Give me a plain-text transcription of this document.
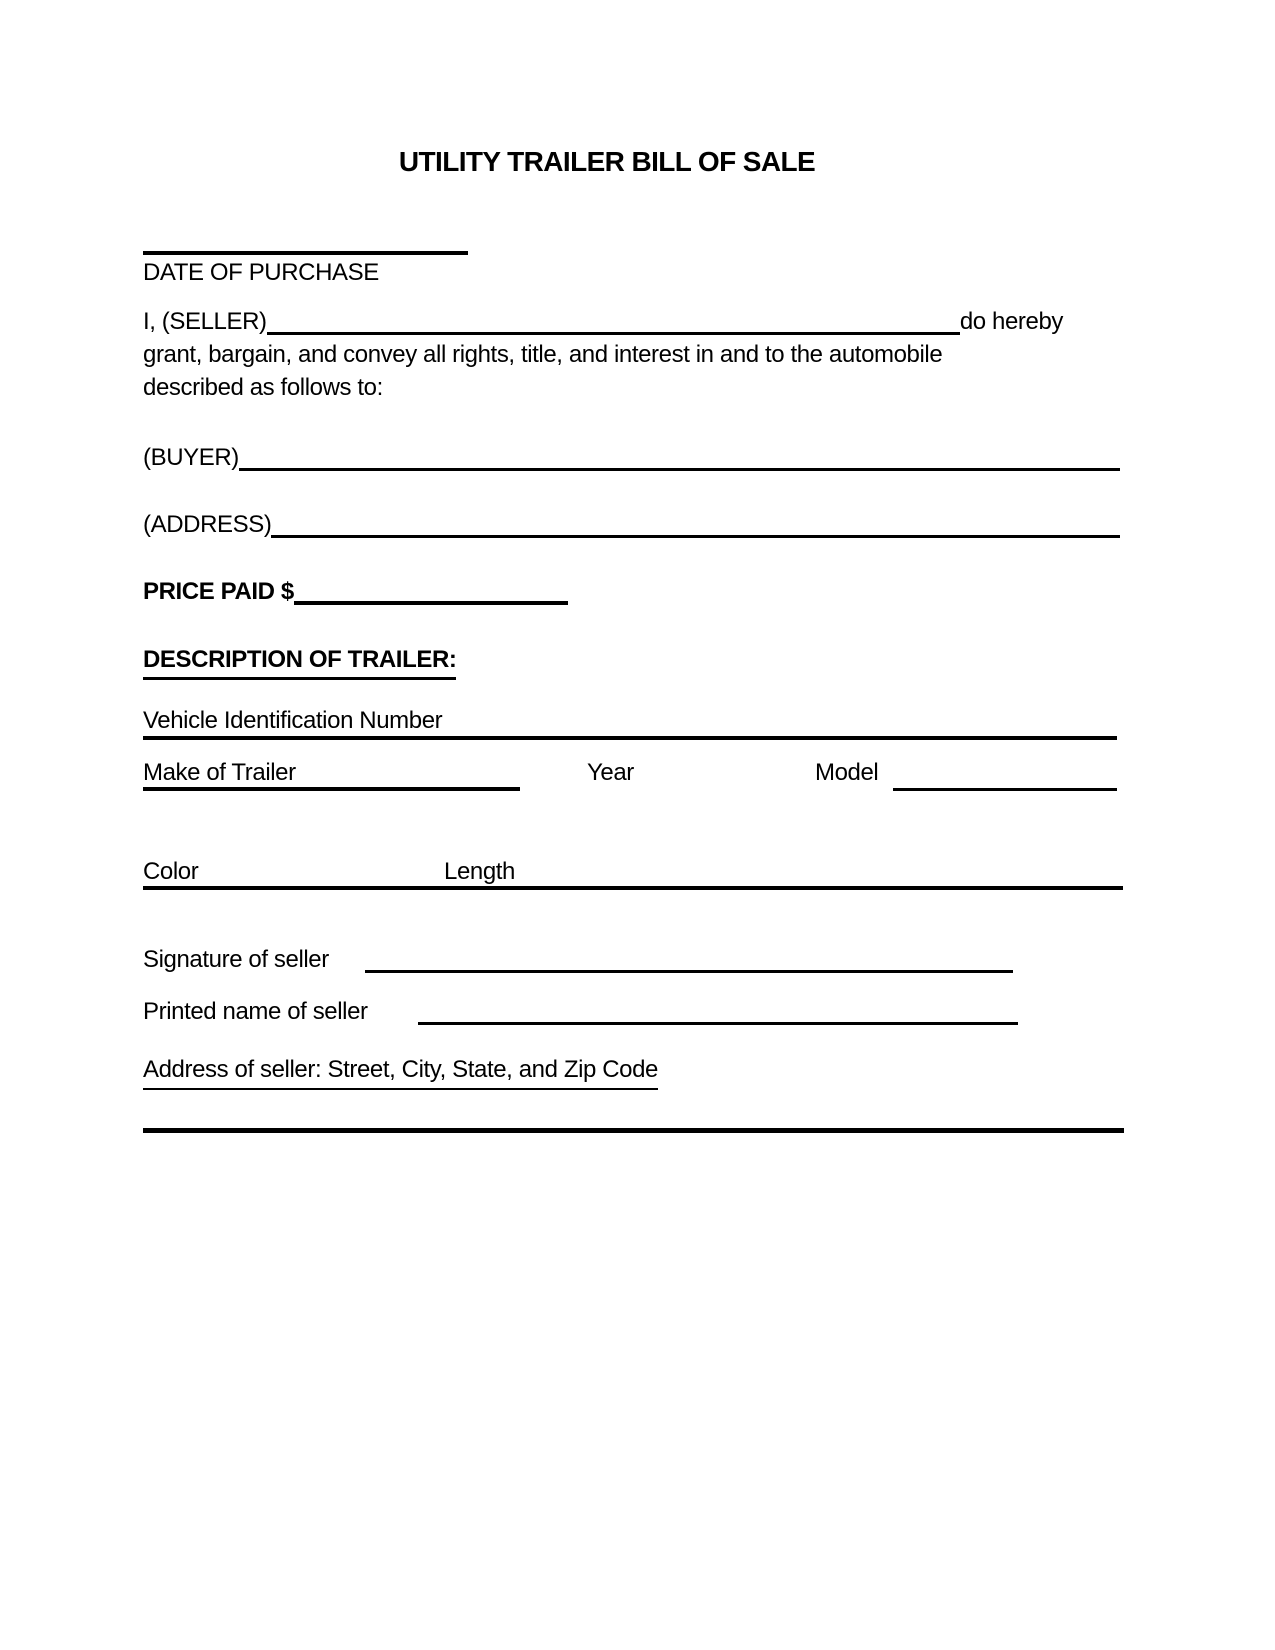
UTILITY TRAILER BILL OF SALE
DATE OF PURCHASE
I, (SELLER)	do hereby
grant, bargain, and convey all rights, title, and interest in and to the automobile
described as follows to:
(BUYER)
(ADDRESS)
PRICE PAID $
DESCRIPTION OF TRAILER:
Vehicle Identification Number
Make of Trailer	Year	Model
Color	Length
Signature of seller
Printed name of seller
Address of seller: Street, City, State, and Zip Code
